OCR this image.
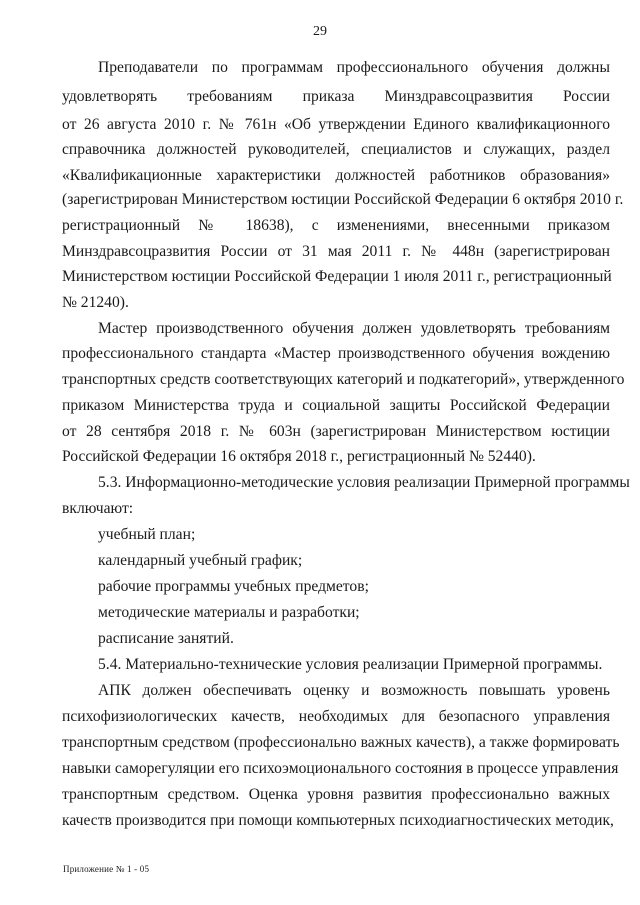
29
Преподаватели по программам профессионального обучения должны
удовлетворять требованиям приказа Минздравсоцразвития России
от 26 августа 2010 г. № 761н «Об утверждении Единого квалификационного
справочника должностей руководителей, специалистов и служащих, раздел
«Квалификационные характеристики должностей работников образования»
(зарегистрирован Министерством юстиции Российской Федерации 6 октября 2010 г.
регистрационный № 18638), с изменениями, внесенными приказом
Минздравсоцразвития России от 31 мая 2011 г. № 448н (зарегистрирован
Министерством юстиции Российской Федерации 1 июля 2011 г., регистрационный
№ 21240).
Мастер производственного обучения должен удовлетворять требованиям
профессионального стандарта «Мастер производственного обучения вождению
транспортных средств соответствующих категорий и подкатегорий», утвержденного
приказом Министерства труда и социальной защиты Российской Федерации
от 28 сентября 2018 г. № 603н (зарегистрирован Министерством юстиции
Российской Федерации 16 октября 2018 г., регистрационный № 52440).
5.3. Информационно-методические условия реализации Примерной программы
включают:
учебный план;
календарный учебный график;
рабочие программы учебных предметов;
методические материалы и разработки;
расписание занятий.
5.4. Материально-технические условия реализации Примерной программы.
АПК должен обеспечивать оценку и возможность повышать уровень
психофизиологических качеств, необходимых для безопасного управления
транспортным средством (профессионально важных качеств), а также формировать
навыки саморегуляции его психоэмоционального состояния в процессе управления
транспортным средством. Оценка уровня развития профессионально важных
качеств производится при помощи компьютерных психодиагностических методик,
Приложение № 1 - 05
